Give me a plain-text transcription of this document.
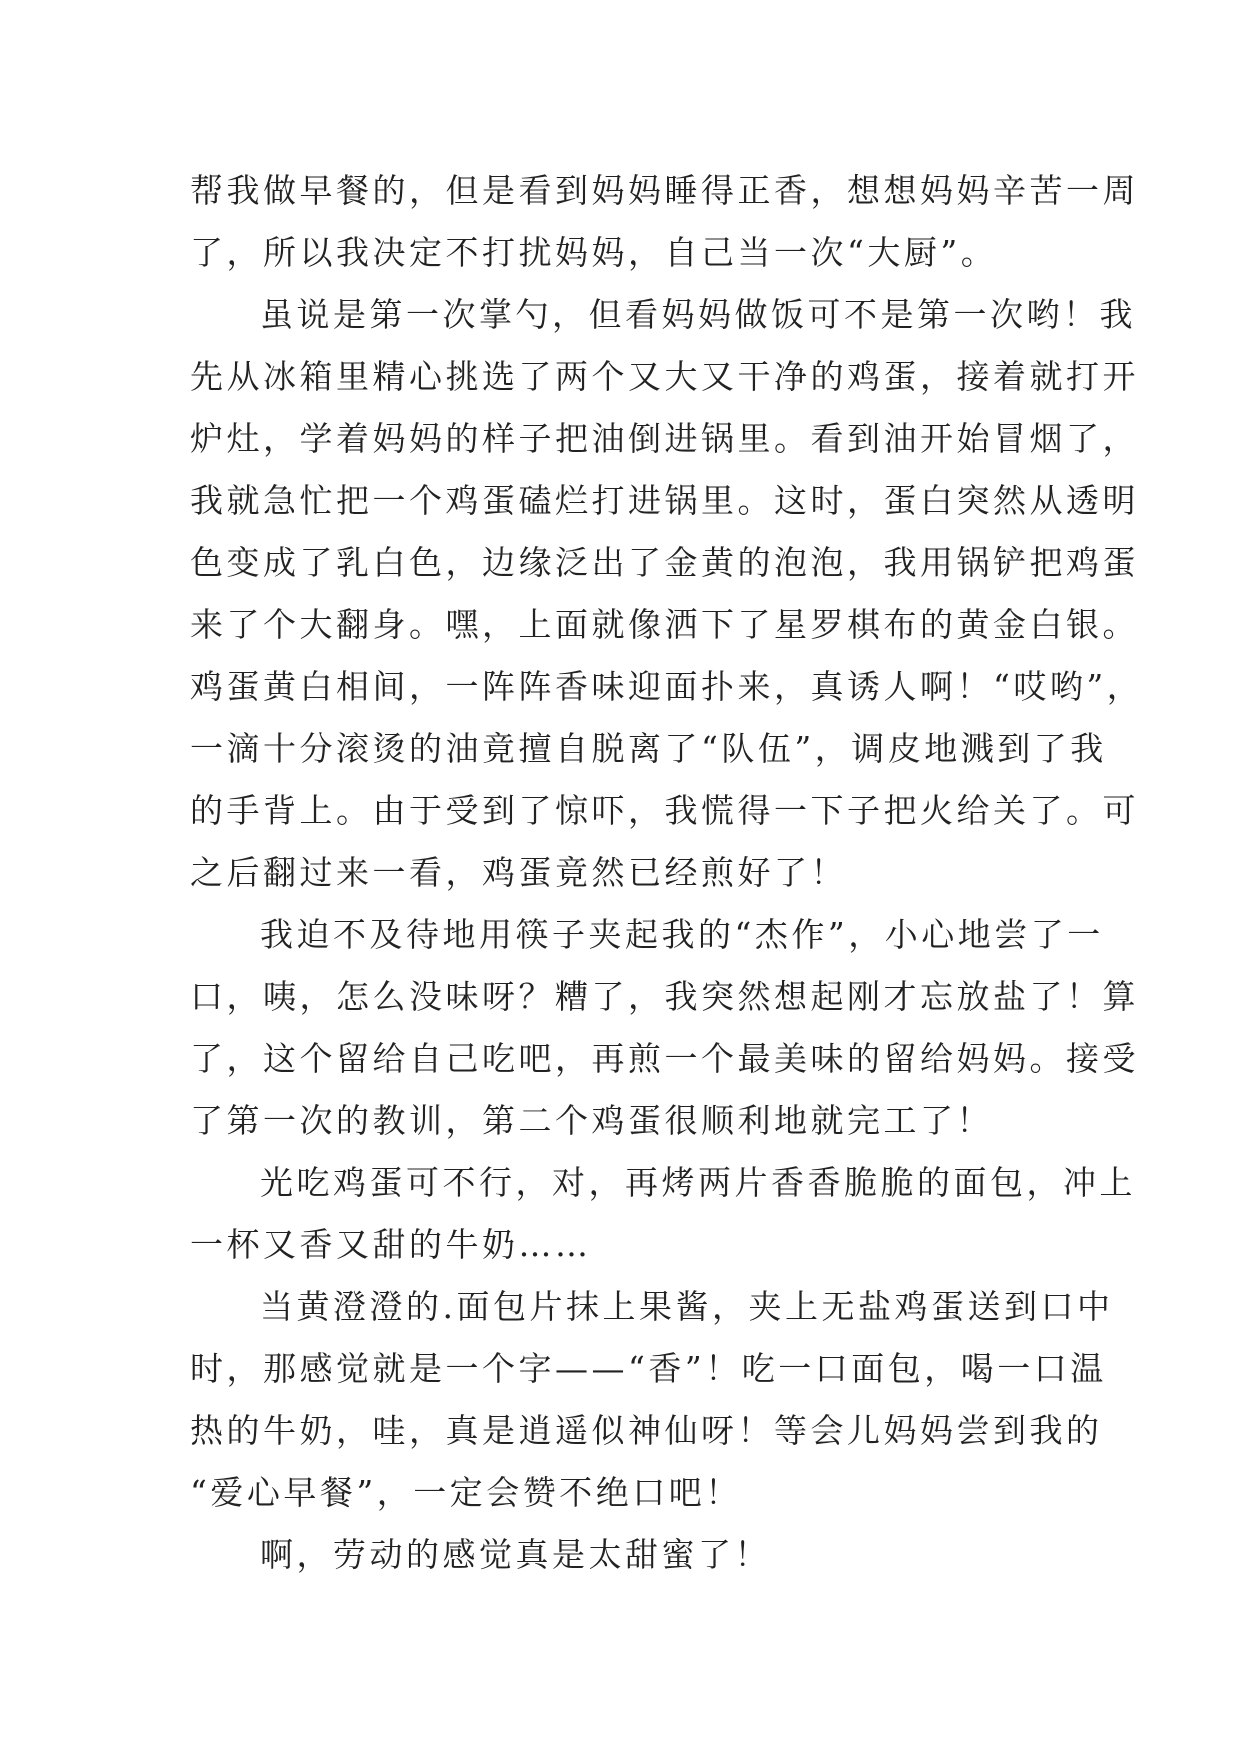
帮我做早餐的，但是看到妈妈睡得正香，想想妈妈辛苦一周
了，所以我决定不打扰妈妈，自己当一次“大厨”。
虽说是第一次掌勺，但看妈妈做饭可不是第一次哟！我
先从冰箱里精心挑选了两个又大又干净的鸡蛋，接着就打开
炉灶，学着妈妈的样子把油倒进锅里。看到油开始冒烟了，
我就急忙把一个鸡蛋磕烂打进锅里。这时，蛋白突然从透明
色变成了乳白色，边缘泛出了金黄的泡泡，我用锅铲把鸡蛋
来了个大翻身。嘿，上面就像洒下了星罗棋布的黄金白银。
鸡蛋黄白相间，一阵阵香味迎面扑来，真诱人啊！“哎哟”，
一滴十分滚烫的油竟擅自脱离了“队伍”，调皮地溅到了我
的手背上。由于受到了惊吓，我慌得一下子把火给关了。可
之后翻过来一看，鸡蛋竟然已经煎好了！
我迫不及待地用筷子夹起我的“杰作”，小心地尝了一
口，咦，怎么没味呀？糟了，我突然想起刚才忘放盐了！算
了，这个留给自己吃吧，再煎一个最美味的留给妈妈。接受
了第一次的教训，第二个鸡蛋很顺利地就完工了！
光吃鸡蛋可不行，对，再烤两片香香脆脆的面包，冲上
一杯又香又甜的牛奶……
当黄澄澄的.面包片抹上果酱，夹上无盐鸡蛋送到口中
时，那感觉就是一个字——“香”！吃一口面包，喝一口温
热的牛奶，哇，真是逍遥似神仙呀！等会儿妈妈尝到我的
“爱心早餐”，一定会赞不绝口吧！
啊，劳动的感觉真是太甜蜜了！
